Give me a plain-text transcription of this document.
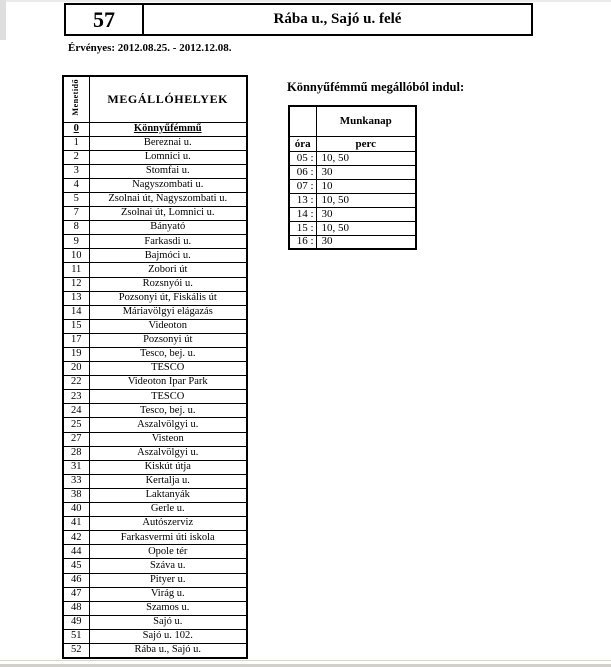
57	Rába u., Sajó u. felé
Érvényes: 2012.08.25. - 2012.12.08.
Menetidő	MEGÁLLÓHELYEK
0	Könnyűfémmű
1	Bereznai u.
2	Lomnici u.
3	Stomfai u.
4	Nagyszombati u.
5	Zsolnai út, Nagyszombati u.
7	Zsolnai út, Lomnici u.
8	Bányató
9	Farkasdi u.
10	Bajmóci u.
11	Zobori út
12	Rozsnyói u.
13	Pozsonyi út, Fiskális út
14	Máriavölgyi elágazás
15	Videoton
17	Pozsonyi út
19	Tesco, bej. u.
20	TESCO
22	Videoton Ipar Park
23	TESCO
24	Tesco, bej. u.
25	Aszalvölgyi u.
27	Visteon
28	Aszalvölgyi u.
31	Kiskút útja
33	Kertalja u.
38	Laktanyák
40	Gerle u.
41	Autószerviz
42	Farkasvermi úti iskola
44	Opole tér
45	Száva u.
46	Pityer u.
47	Virág u.
48	Szamos u.
49	Sajó u.
51	Sajó u. 102.
52	Rába u., Sajó u.
Könnyűfémmű megállóból indul:
	Munkanap
óra	perc
05 :	10, 50
06 :	30
07 :	10
13 :	10, 50
14 :	30
15 :	10, 50
16 :	30
